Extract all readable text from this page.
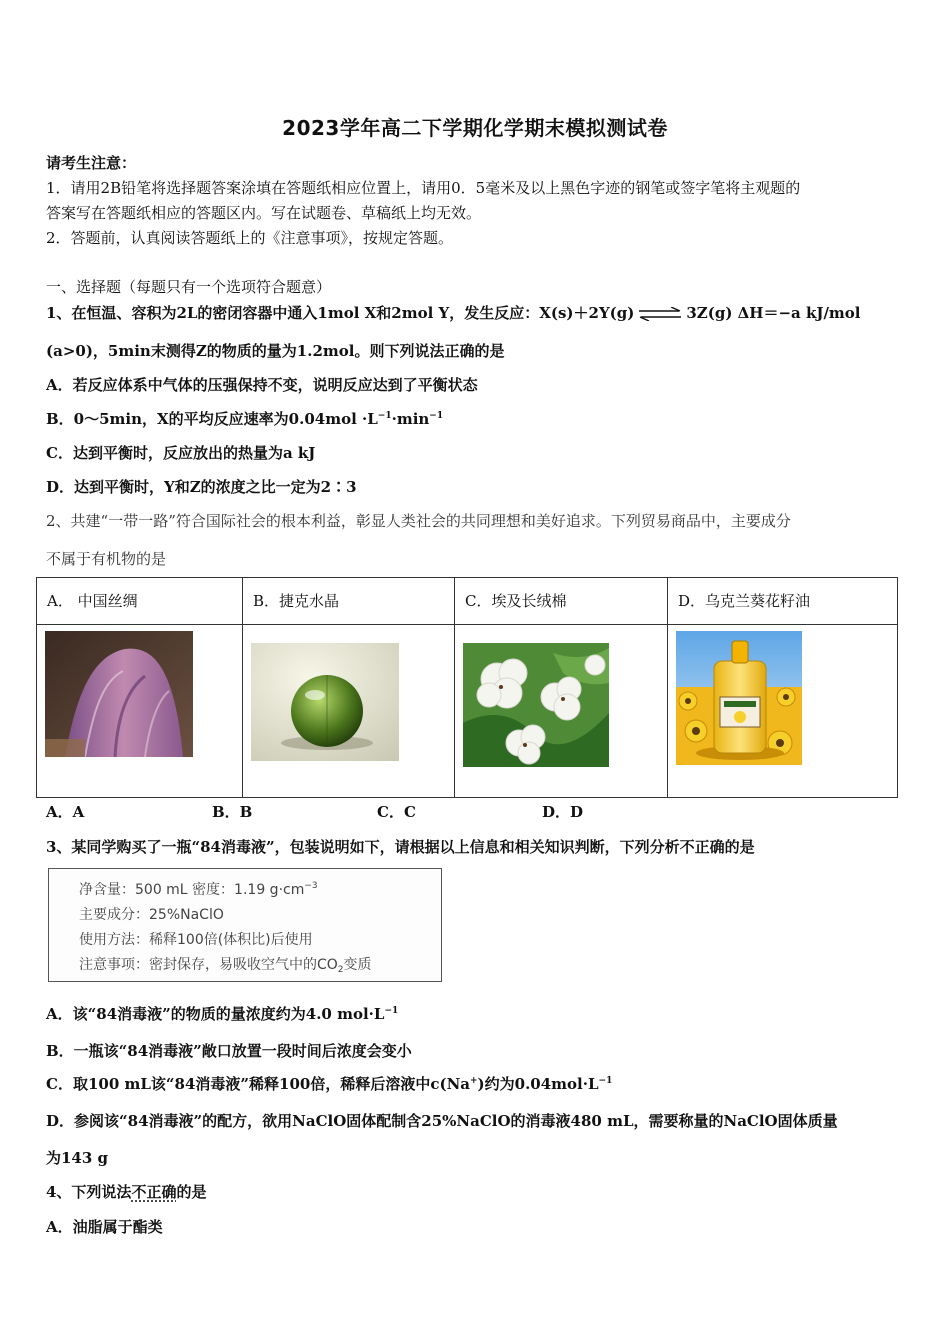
2023学年高二下学期化学期末模拟测试卷
请考生注意：
1．请用2B铅笔将选择题答案涂填在答题纸相应位置上，请用0．5毫米及以上黑色字迹的钢笔或签字笔将主观题的
答案写在答题纸相应的答题区内。写在试题卷、草稿纸上均无效。
2．答题前，认真阅读答题纸上的《注意事项》，按规定答题。
一、选择题（每题只有一个选项符合题意）
1、在恒温、容积为2L的密闭容器中通入1mol X和2mol Y，发生反应：X(s)＋2Y(g) ⇌ 3Z(g) ΔH＝−a kJ/mol
(a>0)，5min末测得Z的物质的量为1.2mol。则下列说法正确的是
A．若反应体系中气体的压强保持不变，说明反应达到了平衡状态
B．0～5min，X的平均反应速率为$0.04mol \cdot L^{-1}\cdot\min^{-1}$
C．达到平衡时，反应放出的热量为a kJ
D．达到平衡时，Y和Z的浓度之比一定为2∶3
2、共建“一带一路”符合国际社会的根本利益，彰显人类社会的共同理想和美好追求。下列贸易商品中，主要成分
不属于有机物的是
A． 中国丝绸	B．捷克水晶	C．埃及长绒棉	D．乌克兰葵花籽油

A．A	B．B	C．C	D．D
3、某同学购买了一瓶“84消毒液”，包装说明如下，请根据以上信息和相关知识判断，下列分析不正确的是
净含量：500 mL 密度：1.19 $g\cdot cm^{-3}$
主要成分：25%NaClO
使用方法：稀释100倍(体积比)后使用
注意事项：密封保存，易吸收空气中的$CO_2$变质
A．该“84消毒液”的物质的量浓度约为4.0 $mol\cdot L^{-1}$
B．一瓶该“84消毒液”敞口放置一段时间后浓度会变小
C．取100 mL该“84消毒液”稀释100倍，稀释后溶液中c(Na+)约为$0.04mol\cdot L^{-1}$
D．参阅该“84消毒液”的配方，欲用NaClO固体配制含25%NaClO的消毒液480 mL，需要称量的NaClO固体质量
为143 g
4、下列说法不正确的是
A．油脂属于酯类
